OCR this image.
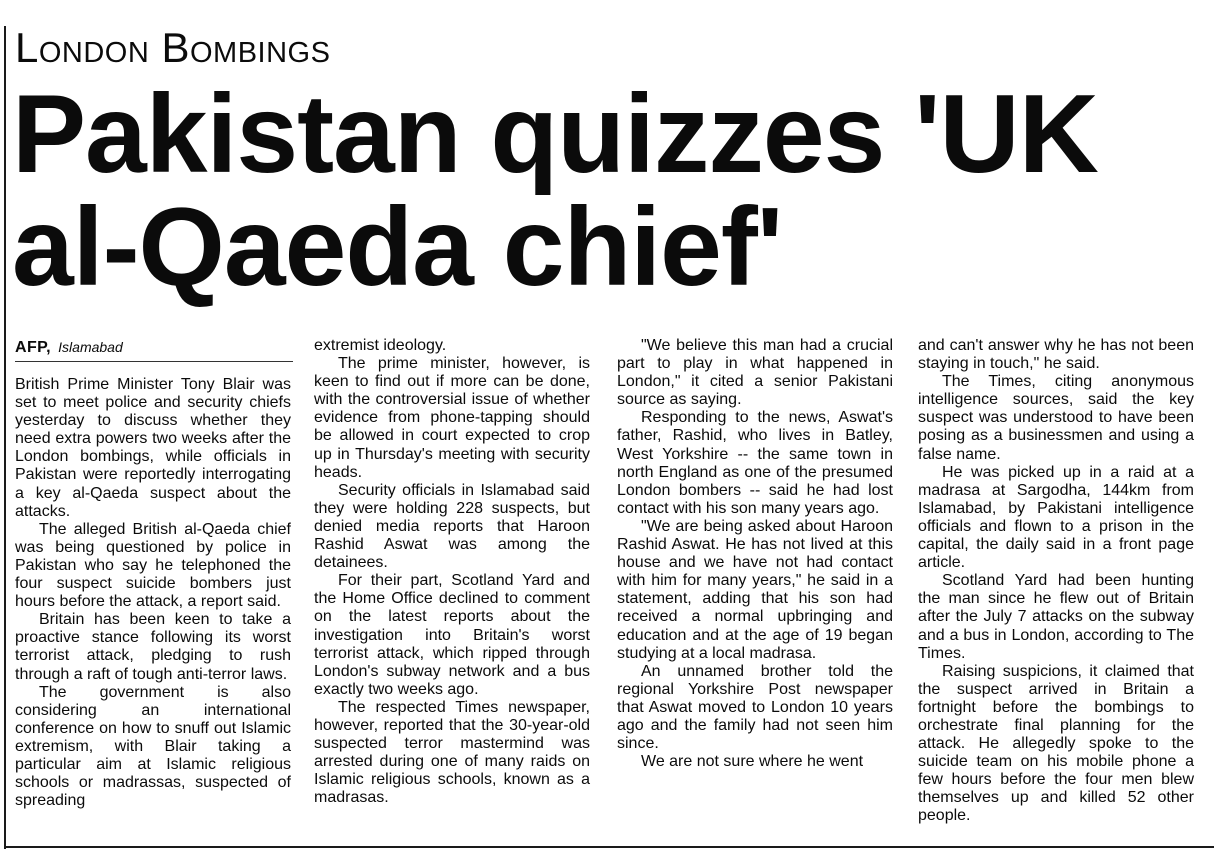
London Bombings
Pakistan quizzes 'UK al-Qaeda chief'
AFP, Islamabad

British Prime Minister Tony Blair was set to meet police and security chiefs yesterday to discuss whether they need extra powers two weeks after the London bombings, while officials in Pakistan were reportedly interrogating a key al-Qaeda suspect about the attacks.

The alleged British al-Qaeda chief was being questioned by police in Pakistan who say he telephoned the four suspect suicide bombers just hours before the attack, a report said.

Britain has been keen to take a proactive stance following its worst terrorist attack, pledging to rush through a raft of tough anti-terror laws.

The government is also considering an international conference on how to snuff out Islamic extremism, with Blair taking a particular aim at Islamic religious schools or madrassas, suspected of spreading

extremist ideology.

The prime minister, however, is keen to find out if more can be done, with the controversial issue of whether evidence from phone-tapping should be allowed in court expected to crop up in Thursday's meeting with security heads.

Security officials in Islamabad said they were holding 228 suspects, but denied media reports that Haroon Rashid Aswat was among the detainees.

For their part, Scotland Yard and the Home Office declined to comment on the latest reports about the investigation into Britain's worst terrorist attack, which ripped through London's subway network and a bus exactly two weeks ago.

The respected Times newspaper, however, reported that the 30-year-old suspected terror mastermind was arrested during one of many raids on Islamic religious schools, known as a madrasas.

"We believe this man had a crucial part to play in what happened in London," it cited a senior Pakistani source as saying.

Responding to the news, Aswat's father, Rashid, who lives in Batley, West Yorkshire -- the same town in north England as one of the presumed London bombers -- said he had lost contact with his son many years ago.

"We are being asked about Haroon Rashid Aswat. He has not lived at this house and we have not had contact with him for many years," he said in a statement, adding that his son had received a normal upbringing and education and at the age of 19 began studying at a local madrasa.

An unnamed brother told the regional Yorkshire Post newspaper that Aswat moved to London 10 years ago and the family had not seen him since.

We are not sure where he went

and can't answer why he has not been staying in touch," he said.

The Times, citing anonymous intelligence sources, said the key suspect was understood to have been posing as a businessmen and using a false name.

He was picked up in a raid at a madrasa at Sargodha, 144km from Islamabad, by Pakistani intelligence officials and flown to a prison in the capital, the daily said in a front page article.

Scotland Yard had been hunting the man since he flew out of Britain after the July 7 attacks on the subway and a bus in London, according to The Times.

Raising suspicions, it claimed that the suspect arrived in Britain a fortnight before the bombings to orchestrate final planning for the attack. He allegedly spoke to the suicide team on his mobile phone a few hours before the four men blew themselves up and killed 52 other people.
